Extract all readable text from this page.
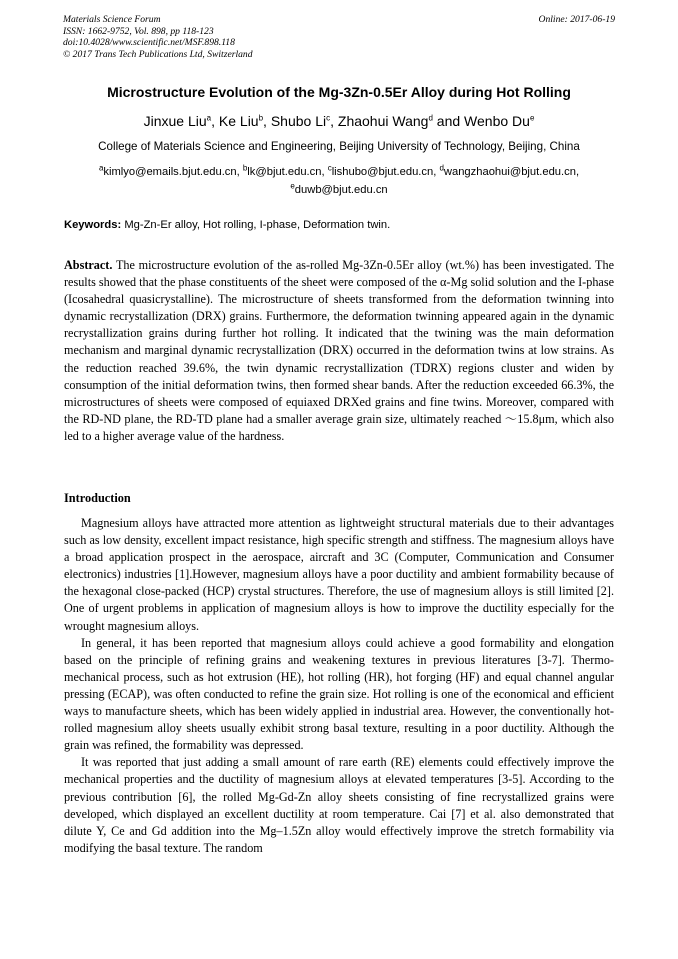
Materials Science Forum
ISSN: 1662-9752, Vol. 898, pp 118-123
doi:10.4028/www.scientific.net/MSF.898.118
© 2017 Trans Tech Publications Ltd, Switzerland
Online: 2017-06-19
Microstructure Evolution of the Mg-3Zn-0.5Er Alloy during Hot Rolling
Jinxue Liu$^a$, Ke Liu$^b$, Shubo Li$^c$, Zhaohui Wang$^d$ and Wenbo Du$^e$
College of Materials Science and Engineering, Beijing University of Technology, Beijing, China
$^a$kimlyo@emails.bjut.edu.cn, $^b$lk@bjut.edu.cn, $^c$lishubo@bjut.edu.cn, $^d$wangzhaohui@bjut.edu.cn,
$^e$duwb@bjut.edu.cn
Keywords: Mg-Zn-Er alloy, Hot rolling, I-phase, Deformation twin.
Abstract. The microstructure evolution of the as-rolled Mg-3Zn-0.5Er alloy (wt.%) has been investigated. The results showed that the phase constituents of the sheet were composed of the α-Mg solid solution and the I-phase (Icosahedral quasicrystalline). The microstructure of sheets transformed from the deformation twinning into dynamic recrystallization (DRX) grains. Furthermore, the deformation twinning appeared again in the dynamic recrystallization grains during further hot rolling. It indicated that the twining was the main deformation mechanism and marginal dynamic recrystallization (DRX) occurred in the deformation twins at low strains. As the reduction reached 39.6%, the twin dynamic recrystallization (TDRX) regions cluster and widen by consumption of the initial deformation twins, then formed shear bands. After the reduction exceeded 66.3%, the microstructures of sheets were composed of equiaxed DRXed grains and fine twins. Moreover, compared with the RD-ND plane, the RD-TD plane had a smaller average grain size, ultimately reached ～15.8μm, which also led to a higher average value of the hardness.
Introduction

Magnesium alloys have attracted more attention as lightweight structural materials due to their advantages such as low density, excellent impact resistance, high specific strength and stiffness. The magnesium alloys have a broad application prospect in the aerospace, aircraft and 3C (Computer, Communication and Consumer electronics) industries [1].However, magnesium alloys have a poor ductility and ambient formability because of the hexagonal close-packed (HCP) crystal structures. Therefore, the use of magnesium alloys is still limited [2]. One of urgent problems in application of magnesium alloys is how to improve the ductility especially for the wrought magnesium alloys.

In general, it has been reported that magnesium alloys could achieve a good formability and elongation based on the principle of refining grains and weakening textures in previous literatures [3-7]. Thermo-mechanical process, such as hot extrusion (HE), hot rolling (HR), hot forging (HF) and equal channel angular pressing (ECAP), was often conducted to refine the grain size. Hot rolling is one of the economical and efficient ways to manufacture sheets, which has been widely applied in industrial area. However, the conventionally hot-rolled magnesium alloy sheets usually exhibit strong basal texture, resulting in a poor ductility. Although the grain was refined, the formability was depressed.

It was reported that just adding a small amount of rare earth (RE) elements could effectively improve the mechanical properties and the ductility of magnesium alloys at elevated temperatures [3-5]. According to the previous contribution [6], the rolled Mg-Gd-Zn alloy sheets consisting of fine recrystallized grains were developed, which displayed an excellent ductility at room temperature. Cai [7] et al. also demonstrated that dilute Y, Ce and Gd addition into the Mg–1.5Zn alloy would effectively improve the stretch formability via modifying the basal texture. The random
